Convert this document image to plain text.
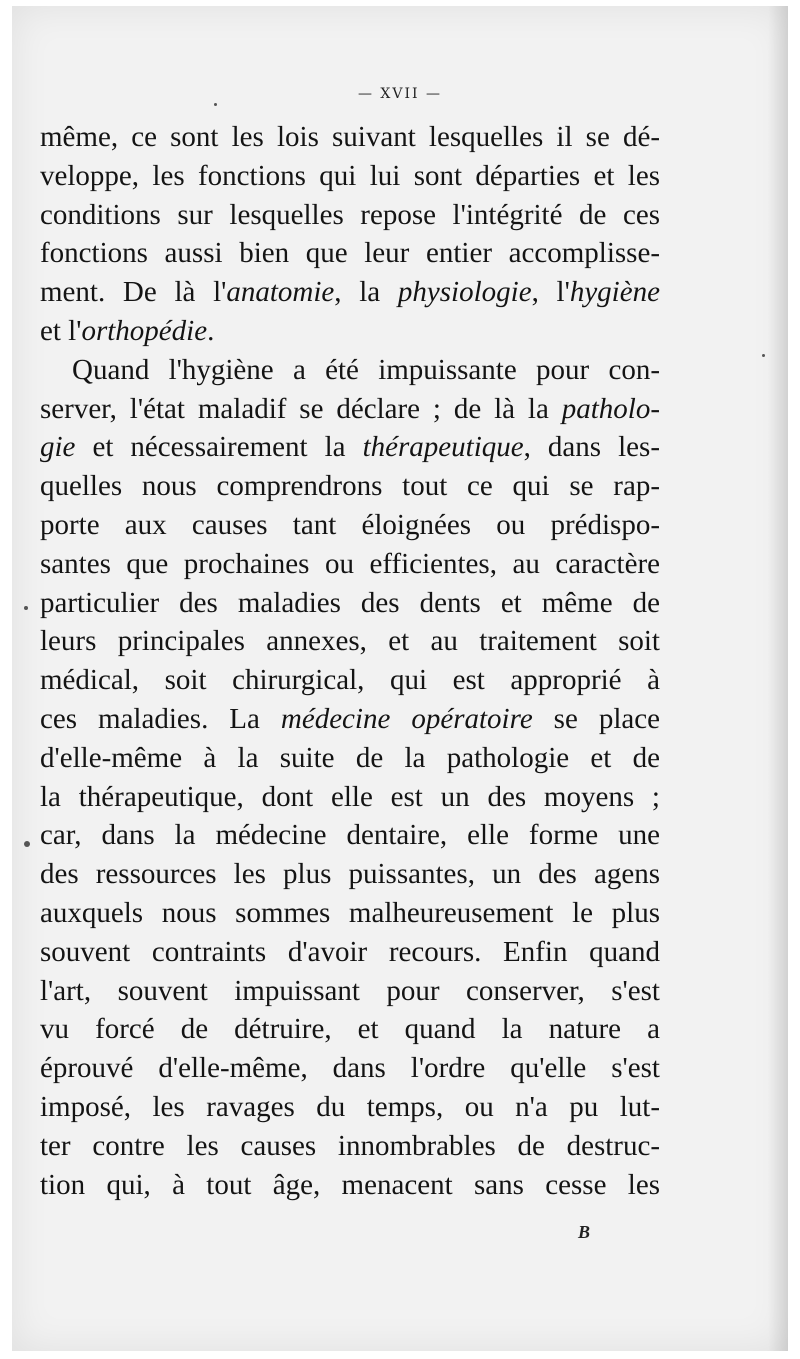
— XVII —
même, ce sont les lois suivant lesquelles il se dé-
veloppe, les fonctions qui lui sont départies et les
conditions sur lesquelles repose l'intégrité de ces
fonctions aussi bien que leur entier accomplisse-
ment. De là l'anatomie, la physiologie, l'hygiène
et l'orthopédie.
Quand l'hygiène a été impuissante pour con-
server, l'état maladif se déclare ; de là la patholo-
gie et nécessairement la thérapeutique, dans les-
quelles nous comprendrons tout ce qui se rap-
porte aux causes tant éloignées ou prédispo-
santes que prochaines ou efficientes, au caractère
particulier des maladies des dents et même de
leurs principales annexes, et au traitement soit
médical, soit chirurgical, qui est approprié à
ces maladies. La médecine opératoire se place
d'elle-même à la suite de la pathologie et de
la thérapeutique, dont elle est un des moyens ;
car, dans la médecine dentaire, elle forme une
des ressources les plus puissantes, un des agens
auxquels nous sommes malheureusement le plus
souvent contraints d'avoir recours. Enfin quand
l'art, souvent impuissant pour conserver, s'est
vu forcé de détruire, et quand la nature a
éprouvé d'elle-même, dans l'ordre qu'elle s'est
imposé, les ravages du temps, ou n'a pu lut-
ter contre les causes innombrables de destruc-
tion qui, à tout âge, menacent sans cesse les
B
